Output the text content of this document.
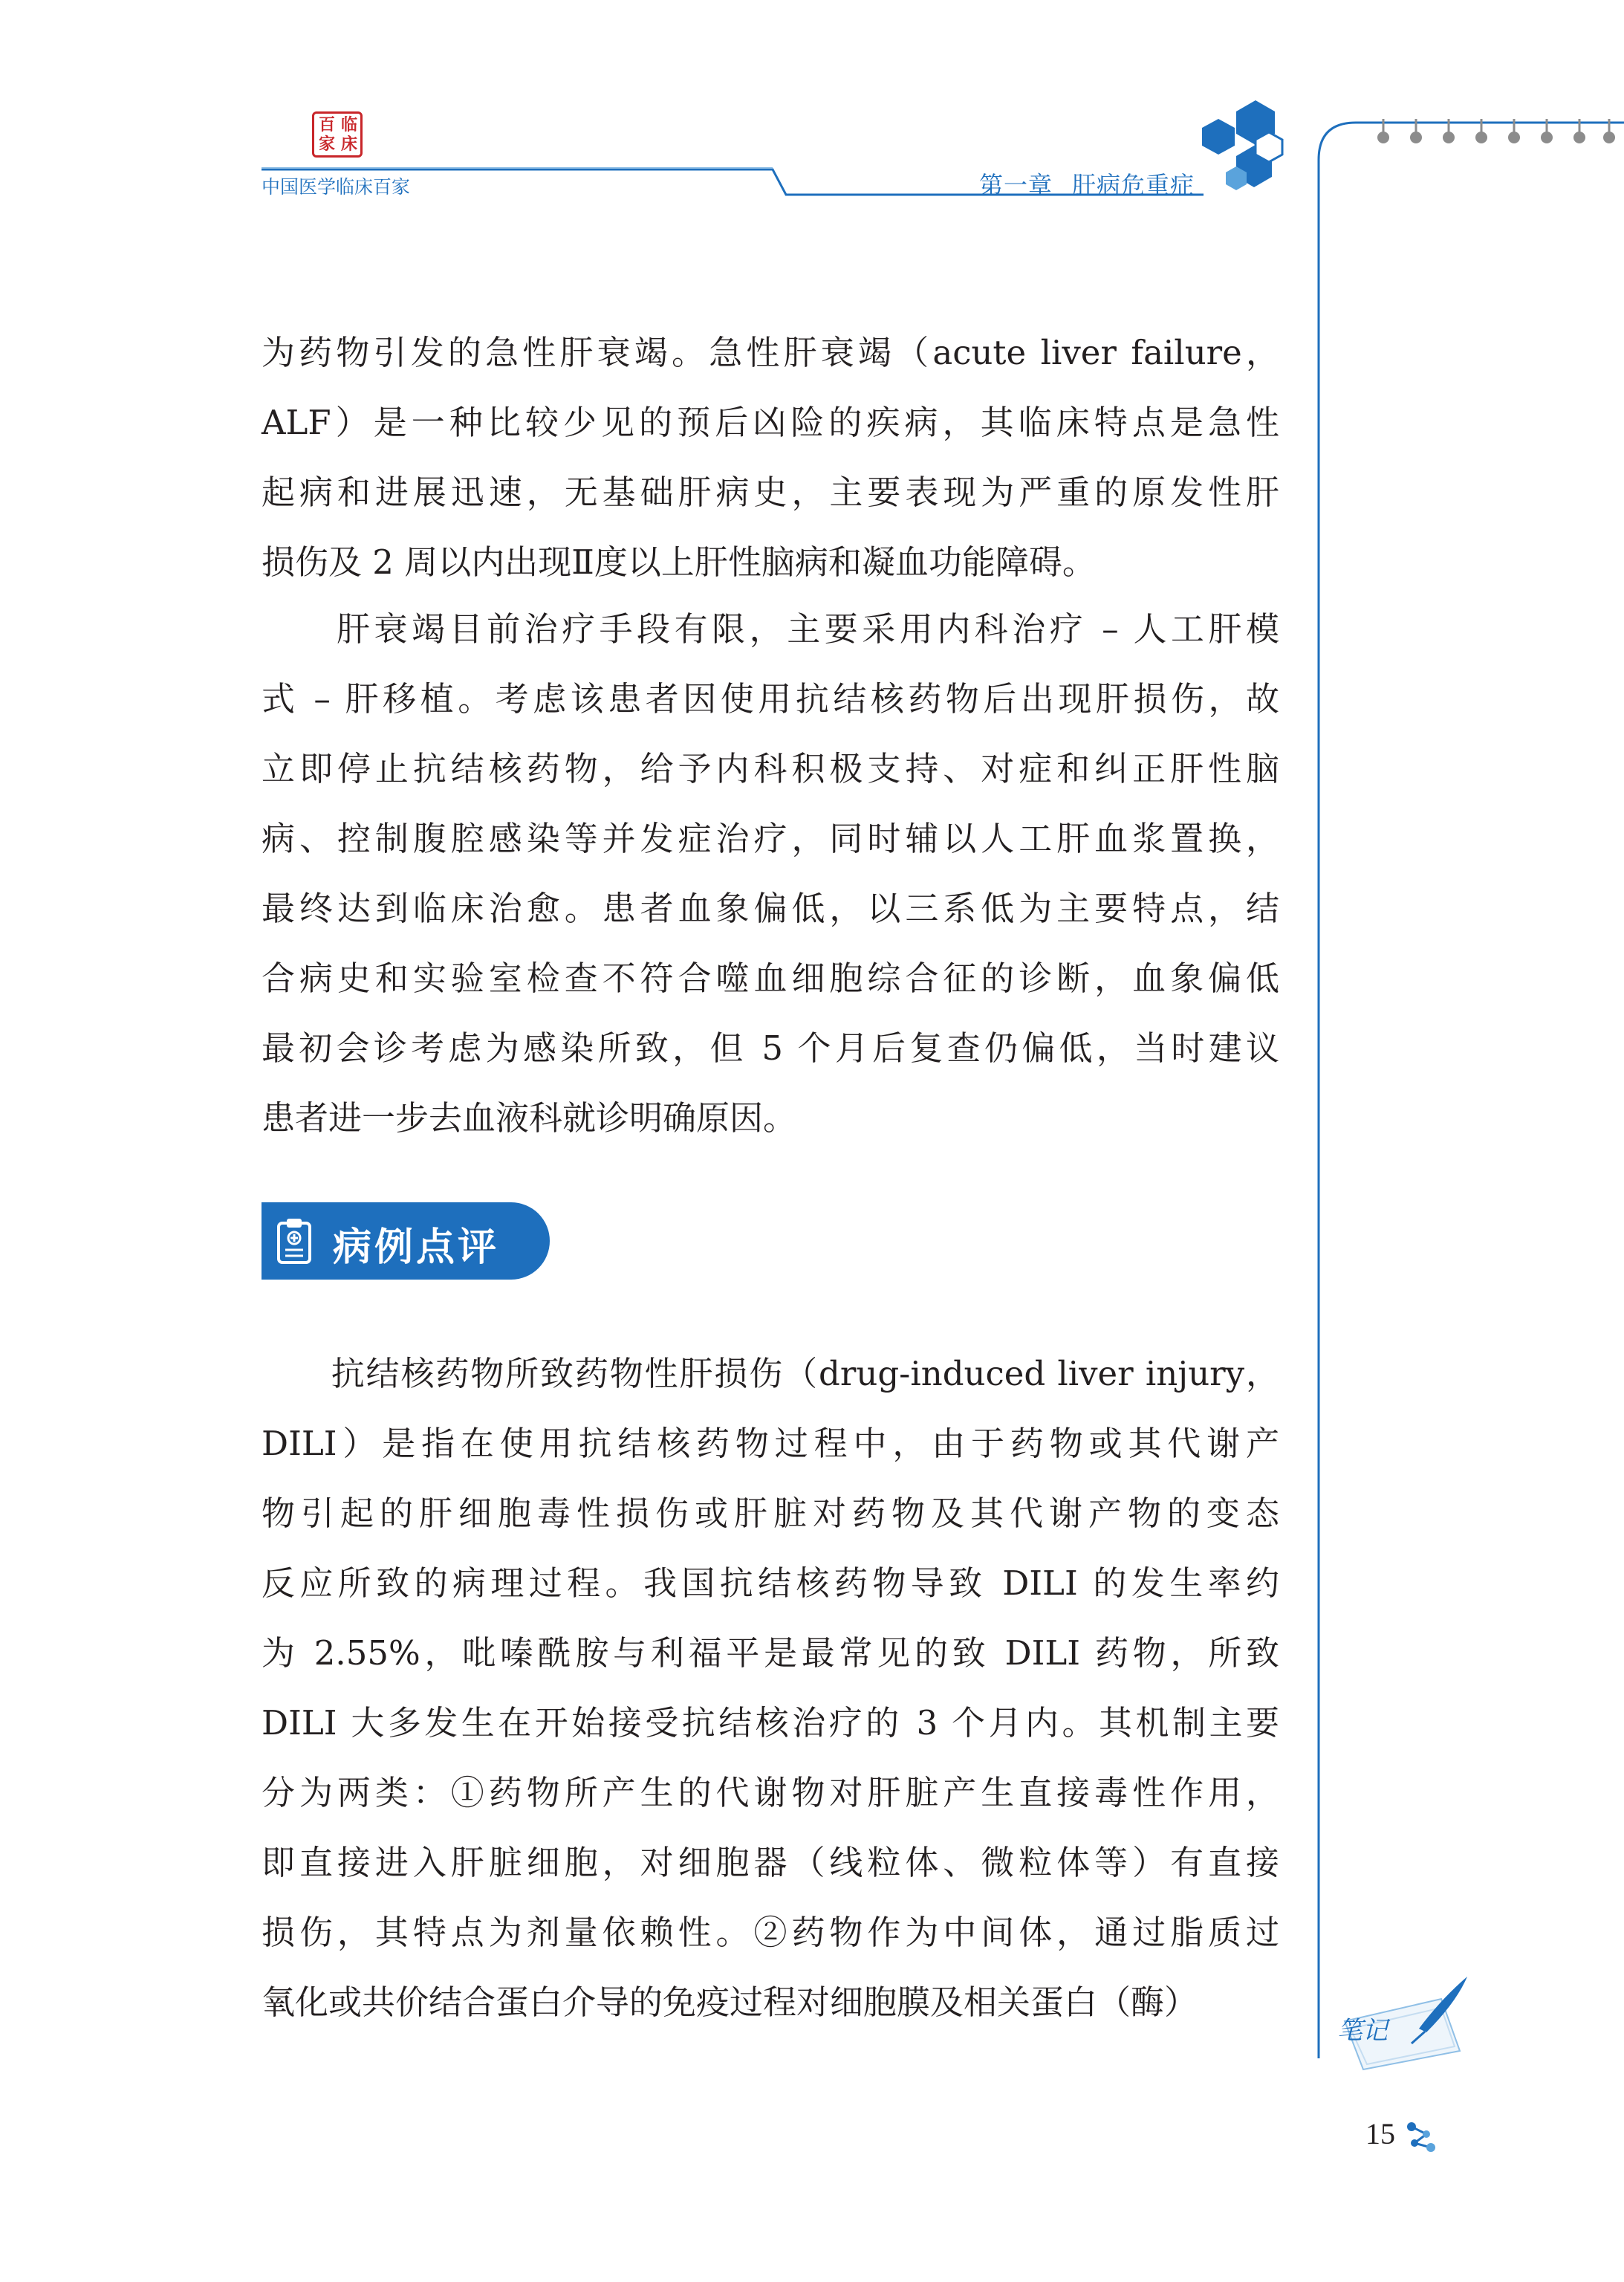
百 临
家 床
中国医学临床百家	第一章 肝病危重症
为药物引发的急性肝衰竭。急性肝衰竭（acute liver failure，
ALF）是一种比较少见的预后凶险的疾病，其临床特点是急性
起病和进展迅速，无基础肝病史，主要表现为严重的原发性肝
损伤及 2 周以内出现Ⅱ度以上肝性脑病和凝血功能障碍。
　　肝衰竭目前治疗手段有限，主要采用内科治疗 – 人工肝模
式 – 肝移植。考虑该患者因使用抗结核药物后出现肝损伤，故
立即停止抗结核药物，给予内科积极支持、对症和纠正肝性脑
病、控制腹腔感染等并发症治疗，同时辅以人工肝血浆置换，
最终达到临床治愈。患者血象偏低，以三系低为主要特点，结
合病史和实验室检查不符合噬血细胞综合征的诊断，血象偏低
最初会诊考虑为感染所致，但 5 个月后复查仍偏低，当时建议
患者进一步去血液科就诊明确原因。
病例点评
　　抗结核药物所致药物性肝损伤（drug-induced liver injury，
DILI）是指在使用抗结核药物过程中，由于药物或其代谢产
物引起的肝细胞毒性损伤或肝脏对药物及其代谢产物的变态
反应所致的病理过程。我国抗结核药物导致 DILI 的发生率约
为 2.55%，吡嗪酰胺与利福平是最常见的致 DILI 药物，所致
DILI 大多发生在开始接受抗结核治疗的 3 个月内。其机制主要
分为两类：①药物所产生的代谢物对肝脏产生直接毒性作用，
即直接进入肝脏细胞，对细胞器（线粒体、微粒体等）有直接
损伤，其特点为剂量依赖性。②药物作为中间体，通过脂质过
氧化或共价结合蛋白介导的免疫过程对细胞膜及相关蛋白（酶）
笔记
15
